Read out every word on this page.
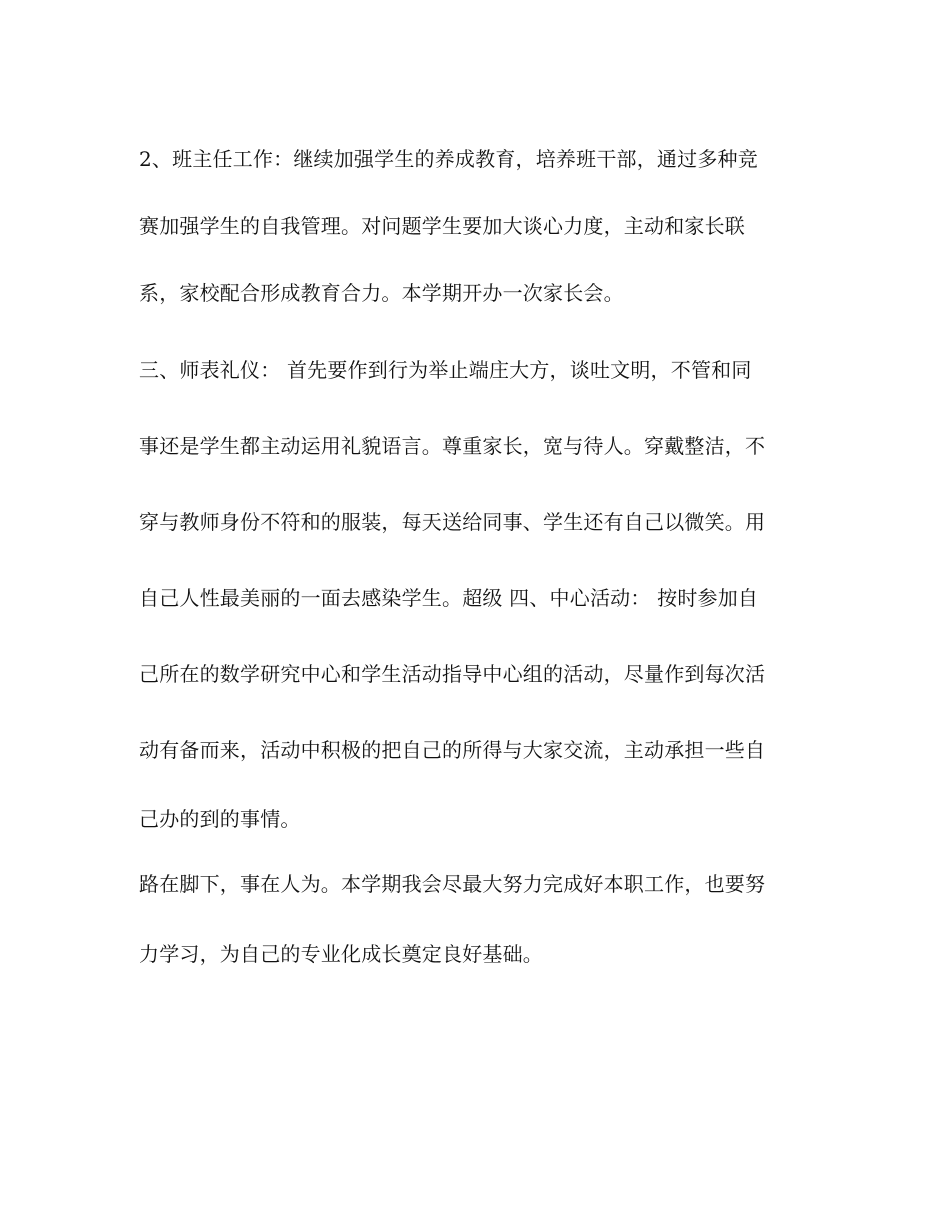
2、班主任工作：继续加强学生的养成教育，培养班干部，通过多种竞
赛加强学生的自我管理。对问题学生要加大谈心力度，主动和家长联
系，家校配合形成教育合力。本学期开办一次家长会。
三、师表礼仪： 首先要作到行为举止端庄大方，谈吐文明，不管和同
事还是学生都主动运用礼貌语言。尊重家长，宽与待人。穿戴整洁，不
穿与教师身份不符和的服装，每天送给同事、学生还有自己以微笑。用
自己人性最美丽的一面去感染学生。超级 四、中心活动： 按时参加自
己所在的数学研究中心和学生活动指导中心组的活动，尽量作到每次活
动有备而来，活动中积极的把自己的所得与大家交流，主动承担一些自
己办的到的事情。
路在脚下，事在人为。本学期我会尽最大努力完成好本职工作，也要努
力学习，为自己的专业化成长奠定良好基础。
